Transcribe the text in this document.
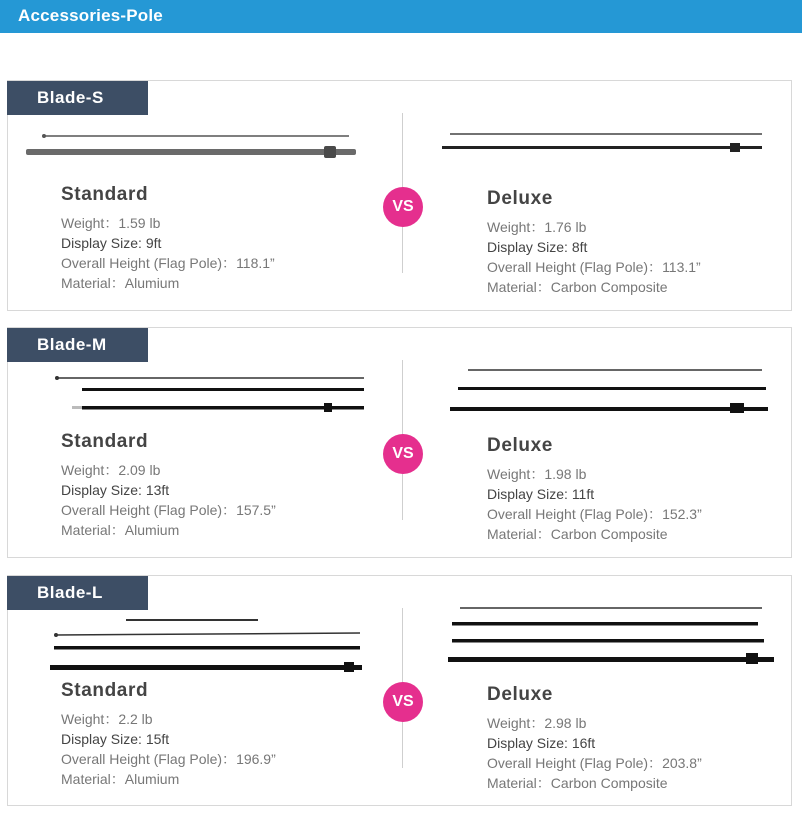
Accessories-Pole
Blade-S
VS
Standard
Weight：1.59 lb
Display Size: 9ft
Overall Height (Flag Pole)：118.1”
Material：Alumium
Deluxe
Weight：1.76 lb
Display Size: 8ft
Overall Height (Flag Pole)：113.1”
Material：Carbon Composite
Blade-M
VS
Standard
Weight：2.09 lb
Display Size: 13ft
Overall Height (Flag Pole)：157.5”
Material：Alumium
Deluxe
Weight：1.98 lb
Display Size: 11ft
Overall Height (Flag Pole)：152.3”
Material：Carbon Composite
Blade-L
VS
Standard
Weight：2.2 lb
Display Size: 15ft
Overall Height (Flag Pole)：196.9”
Material：Alumium
Deluxe
Weight：2.98 lb
Display Size: 16ft
Overall Height (Flag Pole)：203.8”
Material：Carbon Composite
